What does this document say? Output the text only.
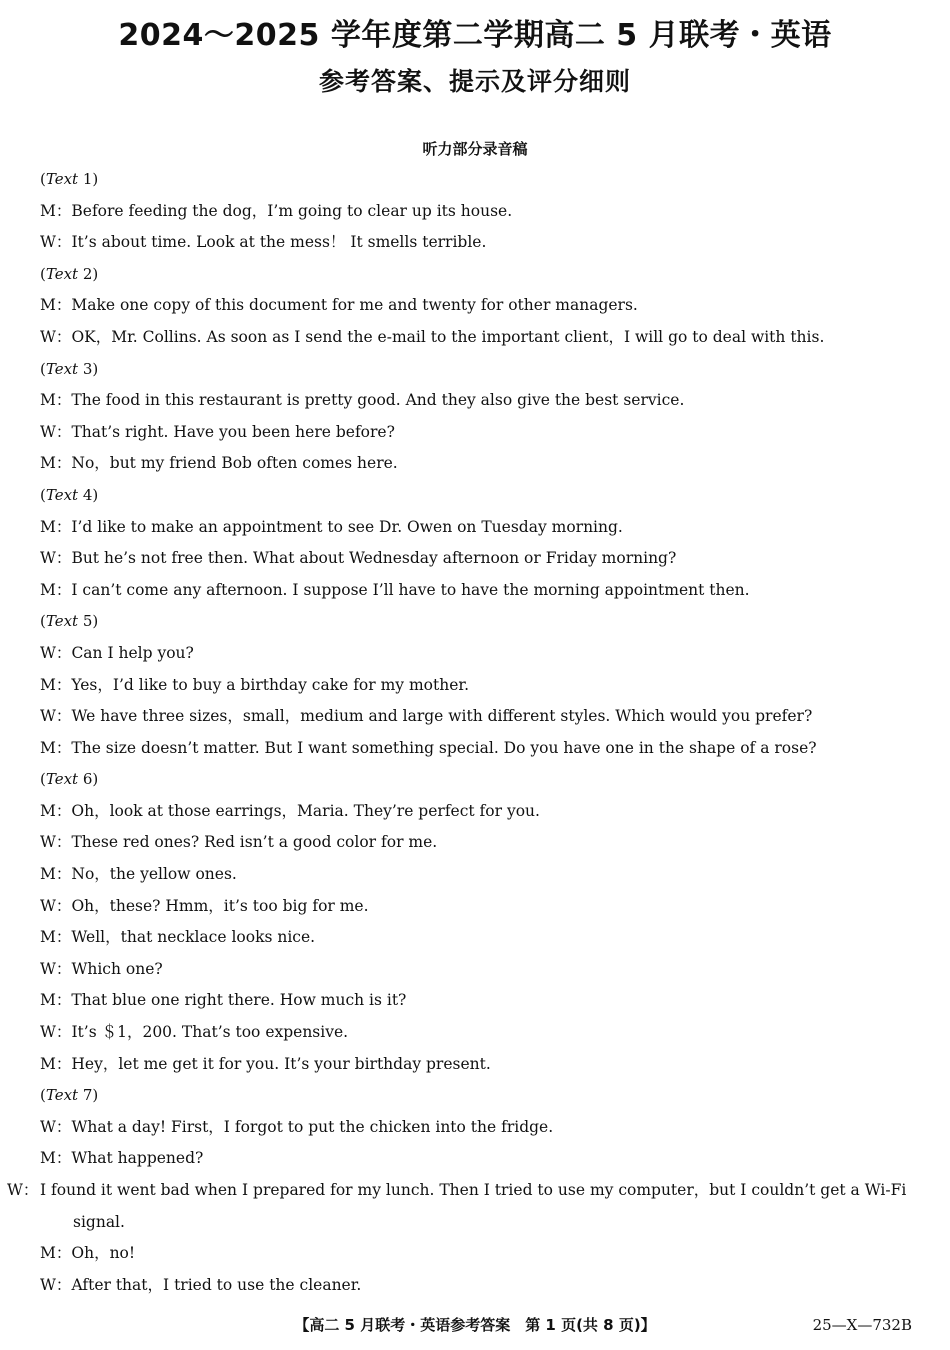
2024～2025 学年度第二学期高二 5 月联考・英语
参考答案、提示及评分细则
听力部分录音稿
(Text 1)
M：Before feeding the dog，I’m going to clear up its house.
W：It’s about time. Look at the mess！ It smells terrible.
(Text 2)
M：Make one copy of this document for me and twenty for other managers.
W：OK，Mr. Collins. As soon as I send the e-mail to the important client，I will go to deal with this.
(Text 3)
M：The food in this restaurant is pretty good. And they also give the best service.
W：That’s right. Have you been here before?
M：No，but my friend Bob often comes here.
(Text 4)
M：I’d like to make an appointment to see Dr. Owen on Tuesday morning.
W：But he’s not free then. What about Wednesday afternoon or Friday morning?
M：I can’t come any afternoon. I suppose I’ll have to have the morning appointment then.
(Text 5)
W：Can I help you?
M：Yes，I’d like to buy a birthday cake for my mother.
W：We have three sizes，small，medium and large with different styles. Which would you prefer?
M：The size doesn’t matter. But I want something special. Do you have one in the shape of a rose?
(Text 6)
M：Oh，look at those earrings，Maria. They’re perfect for you.
W：These red ones? Red isn’t a good color for me.
M：No，the yellow ones.
W：Oh，these? Hmm，it’s too big for me.
M：Well，that necklace looks nice.
W：Which one?
M：That blue one right there. How much is it?
W：It’s ＄1，200. That’s too expensive.
M：Hey，let me get it for you. It’s your birthday present.
(Text 7)
W：What a day! First，I forgot to put the chicken into the fridge.
M：What happened?
W： I found it went bad when I prepared for my lunch. Then I tried to use my computer，but I couldn’t get a Wi-Fi signal.
M：Oh，no!
W：After that，I tried to use the cleaner.
【高二 5 月联考・英语参考答案　第 1 页(共 8 页)】	25—X—732B
